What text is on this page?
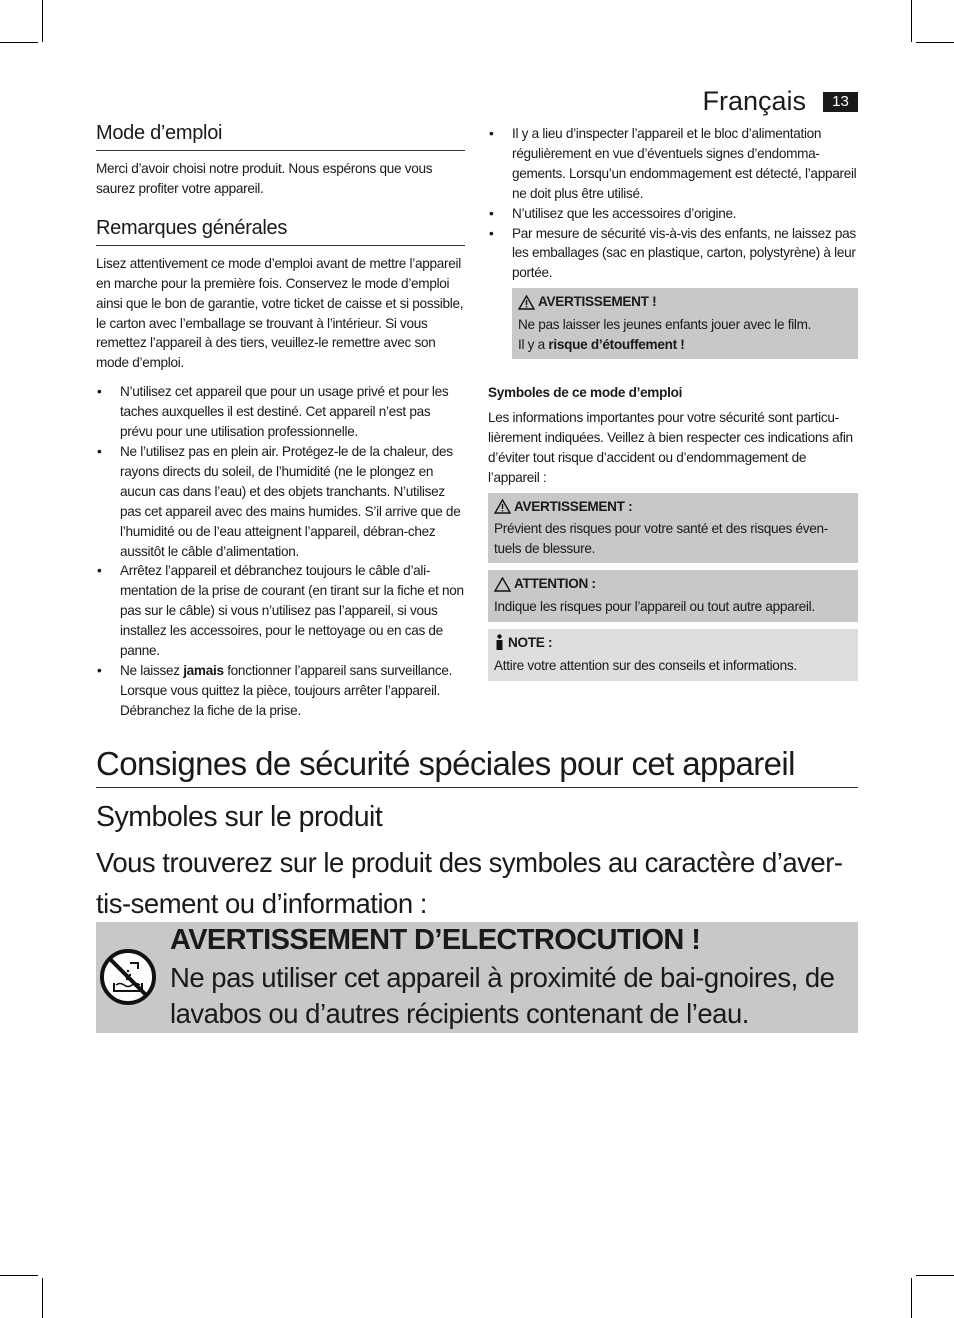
Français	13
Mode d’emploi

Merci d’avoir choisi notre produit. Nous espérons que vous saurez profiter votre appareil.

Remarques générales

Lisez attentivement ce mode d’emploi avant de mettre l’appareil en marche pour la première fois. Conservez le mode d’emploi ainsi que le bon de garantie, votre ticket de caisse et si possible, le carton avec l’emballage se trouvant à l’intérieur. Si vous remettez l’appareil à des tiers, veuillez-le remettre avec son mode d’emploi.

• N’utilisez cet appareil que pour un usage privé et pour les taches auxquelles il est destiné. Cet appareil n’est pas prévu pour une utilisation professionnelle.
• Ne l’utilisez pas en plein air. Protégez-le de la chaleur, des rayons directs du soleil, de l’humidité (ne le plongez en aucun cas dans l’eau) et des objets tranchants. N’utilisez pas cet appareil avec des mains humides. S’il arrive que de l’humidité ou de l’eau atteignent l’appareil, débran-chez aussitôt le câble d’alimentation.
• Arrêtez l’appareil et débranchez toujours le câble d’ali-mentation de la prise de courant (en tirant sur la fiche et non pas sur le câble) si vous n’utilisez pas l’appareil, si vous installez les accessoires, pour le nettoyage ou en cas de panne.
• Ne laissez jamais fonctionner l’appareil sans surveillance. Lorsque vous quittez la pièce, toujours arrêter l’appareil. Débranchez la fiche de la prise.
• Il y a lieu d’inspecter l’appareil et le bloc d’alimentation régulièrement en vue d’éventuels signes d’endomma-gements. Lorsqu’un endommagement est détecté, l’appareil ne doit plus être utilisé.
• N’utilisez que les accessoires d’origine.
• Par mesure de sécurité vis-à-vis des enfants, ne laissez pas les emballages (sac en plastique, carton, polystyrène) à leur portée.
AVERTISSEMENT !
Ne pas laisser les jeunes enfants jouer avec le film.
Il y a risque d’étouffement !
Symboles de ce mode d’emploi

Les informations importantes pour votre sécurité sont particu-lièrement indiquées. Veillez à bien respecter ces indications afin d’éviter tout risque d’accident ou d’endommagement de l’appareil :

AVERTISSEMENT :
Prévient des risques pour votre santé et des risques éven-tuels de blessure.
ATTENTION :
Indique les risques pour l’appareil ou tout autre appareil.
NOTE :
Attire votre attention sur des conseils et informations.
Consignes de sécurité spéciales pour cet appareil
Symboles sur le produit
Vous trouverez sur le produit des symboles au caractère d’aver-tis-sement ou d’information :
AVERTISSEMENT D’ELECTROCUTION !
Ne pas utiliser cet appareil à proximité de bai-gnoires, de lavabos ou d’autres récipients contenant de l’eau.
